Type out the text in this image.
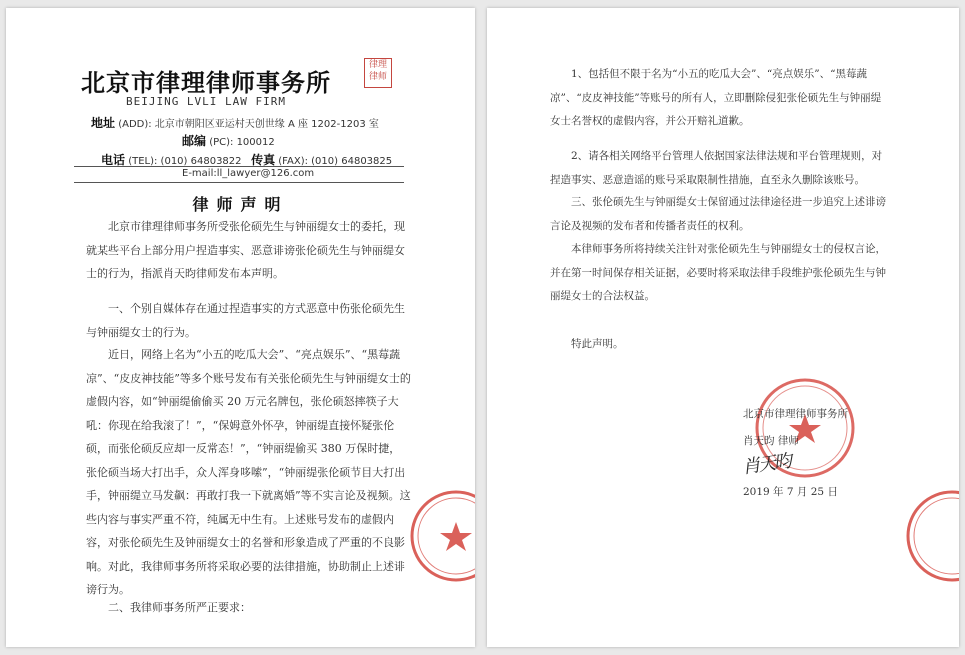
律理律师
北京市律理律师事务所
BEIJING LVLI LAW FIRM
地址 (ADD): 北京市朝阳区亚运村天创世缘 A 座 1202-1203 室
邮编 (PC): 100012
电话 (TEL): (010) 64803822 传真 (FAX): (010) 64803825
E-mail:ll_lawyer@126.com
律师声明

北京市律理律师事务所受张伦硕先生与钟丽缇女士的委托，现就某些平台上部分用户捏造事实、恶意诽谤张伦硕先生与钟丽缇女士的行为，指派肖天昀律师发布本声明。

一、个别自媒体存在通过捏造事实的方式恶意中伤张伦硕先生与钟丽缇女士的行为。

近日，网络上名为“小五的吃瓜大会”、“亮点娱乐”、“黑莓蔬凉”、“皮皮神技能”等多个账号发布有关张伦硕先生与钟丽缇女士的虚假内容，如“钟丽缇偷偷买 20 万元名牌包，张伦硕怒摔筷子大吼：你现在给我滚了！”，“保姆意外怀孕，钟丽缇直接怀疑张伦硕，而张伦硕反应却一反常态！”，“钟丽缇偷买 380 万保时捷，张伦硕当场大打出手，众人浑身哆嗦”，“钟丽缇张伦硕节目大打出手，钟丽缇立马发飙：再敢打我一下就离婚”等不实言论及视频。这些内容与事实严重不符，纯属无中生有。上述账号发布的虚假内容，对张伦硕先生及钟丽缇女士的名誉和形象造成了严重的不良影响。对此，我律师事务所将采取必要的法律措施，协助制止上述诽谤行为。

二、我律师事务所严正要求：

1、包括但不限于名为“小五的吃瓜大会”、“亮点娱乐”、“黑莓蔬凉”、“皮皮神技能”等账号的所有人，立即删除侵犯张伦硕先生与钟丽缇女士名誉权的虚假内容，并公开赔礼道歉。

2、请各相关网络平台管理人依据国家法律法规和平台管理规则，对捏造事实、恶意造谣的账号采取限制性措施，直至永久删除该账号。

三、张伦硕先生与钟丽缇女士保留通过法律途径进一步追究上述诽谤言论及视频的发布者和传播者责任的权利。

本律师事务所将持续关注针对张伦硕先生与钟丽缇女士的侵权言论，并在第一时间保存相关证据，必要时将采取法律手段维护张伦硕先生与钟丽缇女士的合法权益。

特此声明。

北京市律理律师事务所
肖天昀 律师
肖天昀
2019 年 7 月 25 日
